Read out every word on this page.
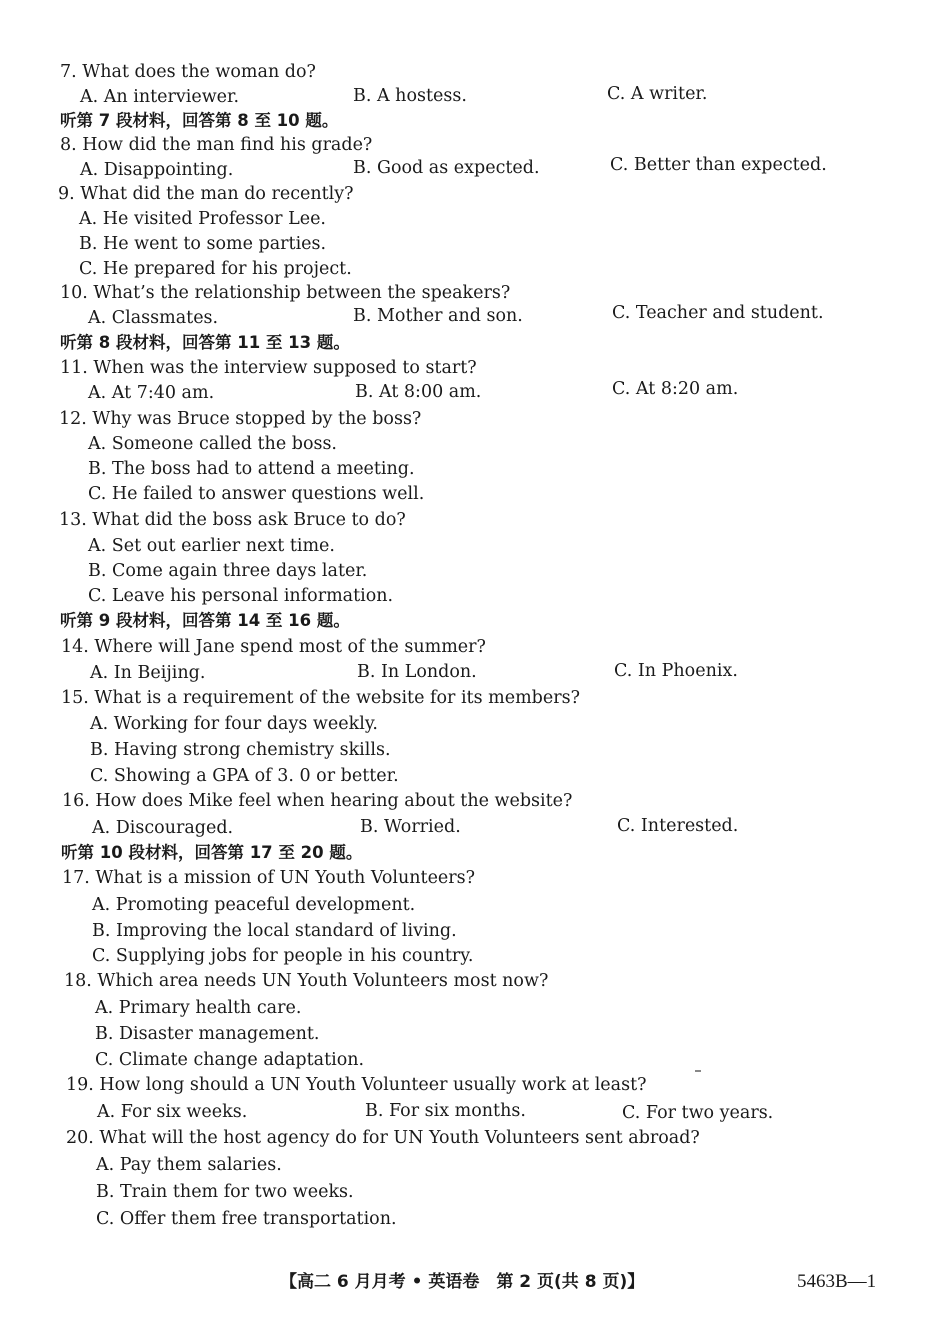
7. What does the woman do?
A. An interviewer.	B. A hostess.	C. A writer.
听第 7 段材料，回答第 8 至 10 题。
8. How did the man find his grade?
A. Disappointing.	B. Good as expected.	C. Better than expected.
9. What did the man do recently?
A. He visited Professor Lee.
B. He went to some parties.
C. He prepared for his project.
10. What’s the relationship between the speakers?
A. Classmates.	B. Mother and son.	C. Teacher and student.
听第 8 段材料，回答第 11 至 13 题。
11. When was the interview supposed to start?
A. At 7:40 am.	B. At 8:00 am.	C. At 8:20 am.
12. Why was Bruce stopped by the boss?
A. Someone called the boss.
B. The boss had to attend a meeting.
C. He failed to answer questions well.
13. What did the boss ask Bruce to do?
A. Set out earlier next time.
B. Come again three days later.
C. Leave his personal information.
听第 9 段材料，回答第 14 至 16 题。
14. Where will Jane spend most of the summer?
A. In Beijing.	B. In London.	C. In Phoenix.
15. What is a requirement of the website for its members?
A. Working for four days weekly.
B. Having strong chemistry skills.
C. Showing a GPA of 3. 0 or better.
16. How does Mike feel when hearing about the website?
A. Discouraged.	B. Worried.	C. Interested.
听第 10 段材料，回答第 17 至 20 题。
17. What is a mission of UN Youth Volunteers?
A. Promoting peaceful development.
B. Improving the local standard of living.
C. Supplying jobs for people in his country.
18. Which area needs UN Youth Volunteers most now?
A. Primary health care.
B. Disaster management.
C. Climate change adaptation.
19. How long should a UN Youth Volunteer usually work at least?
A. For six weeks.	B. For six months.	C. For two years.
20. What will the host agency do for UN Youth Volunteers sent abroad?
A. Pay them salaries.
B. Train them for two weeks.
C. Offer them free transportation.
【高二 6 月月考 • 英语卷　第 2 页(共 8 页)】	5463B—1
